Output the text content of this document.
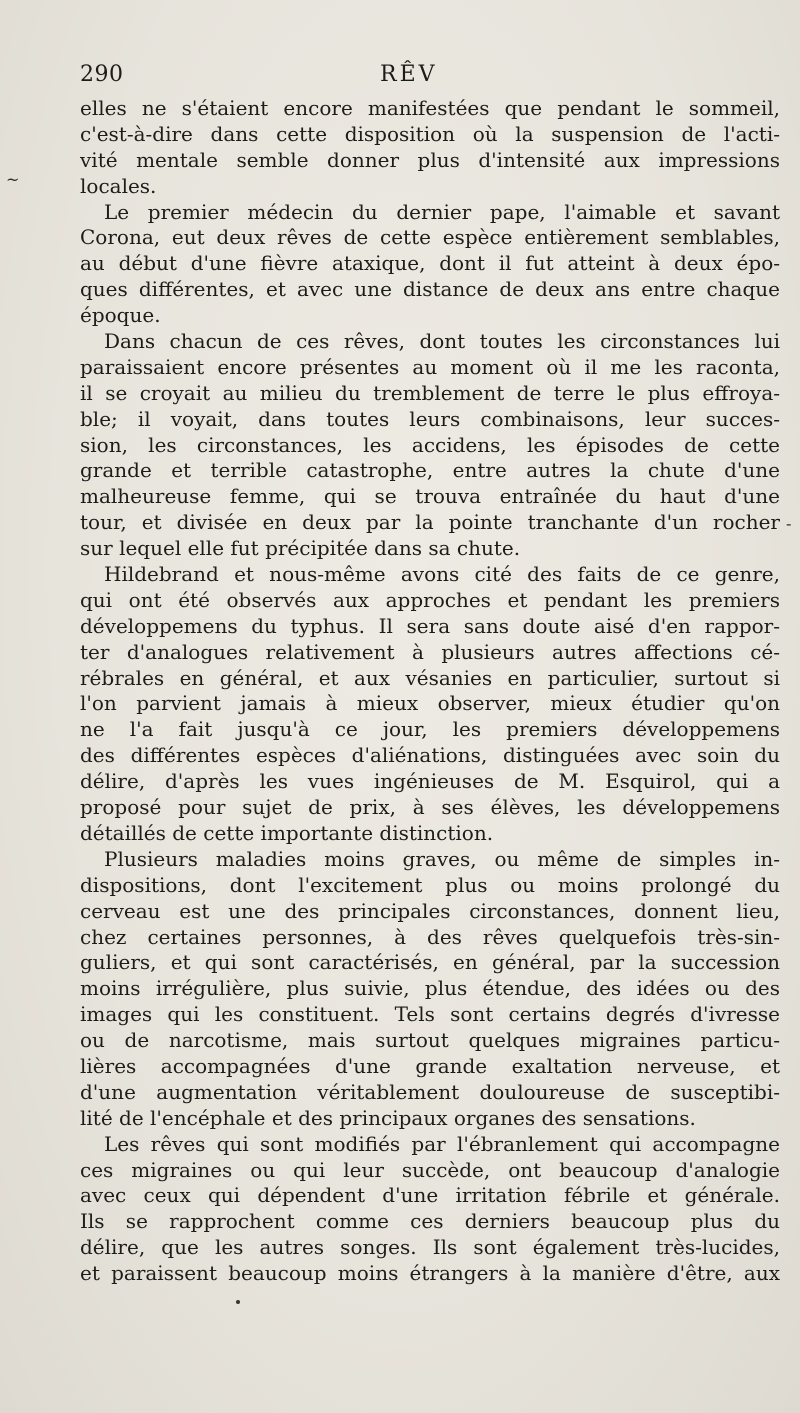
290	RÊV
~
-
elles ne s'étaient encore manifestées que pendant le sommeil,
c'est-à-dire dans cette disposition où la suspension de l'acti-
vité mentale semble donner plus d'intensité aux impressions
locales.
Le premier médecin du dernier pape, l'aimable et savant
Corona, eut deux rêves de cette espèce entièrement semblables,
au début d'une fièvre ataxique, dont il fut atteint à deux épo-
ques différentes, et avec une distance de deux ans entre chaque
époque.
Dans chacun de ces rêves, dont toutes les circonstances lui
paraissaient encore présentes au moment où il me les raconta,
il se croyait au milieu du tremblement de terre le plus effroya-
ble; il voyait, dans toutes leurs combinaisons, leur succes-
sion, les circonstances, les accidens, les épisodes de cette
grande et terrible catastrophe, entre autres la chute d'une
malheureuse femme, qui se trouva entraînée du haut d'une
tour, et divisée en deux par la pointe tranchante d'un rocher
sur lequel elle fut précipitée dans sa chute.
Hildebrand et nous-même avons cité des faits de ce genre,
qui ont été observés aux approches et pendant les premiers
développemens du typhus. Il sera sans doute aisé d'en rappor-
ter d'analogues relativement à plusieurs autres affections cé-
rébrales en général, et aux vésanies en particulier, surtout si
l'on parvient jamais à mieux observer, mieux étudier qu'on
ne l'a fait jusqu'à ce jour, les premiers développemens
des différentes espèces d'aliénations, distinguées avec soin du
délire, d'après les vues ingénieuses de M. Esquirol, qui a
proposé pour sujet de prix, à ses élèves, les développemens
détaillés de cette importante distinction.
Plusieurs maladies moins graves, ou même de simples in-
dispositions, dont l'excitement plus ou moins prolongé du
cerveau est une des principales circonstances, donnent lieu,
chez certaines personnes, à des rêves quelquefois très-sin-
guliers, et qui sont caractérisés, en général, par la succession
moins irrégulière, plus suivie, plus étendue, des idées ou des
images qui les constituent. Tels sont certains degrés d'ivresse
ou de narcotisme, mais surtout quelques migraines particu-
lières accompagnées d'une grande exaltation nerveuse, et
d'une augmentation véritablement douloureuse de susceptibi-
lité de l'encéphale et des principaux organes des sensations.
Les rêves qui sont modifiés par l'ébranlement qui accompagne
ces migraines ou qui leur succède, ont beaucoup d'analogie
avec ceux qui dépendent d'une irritation fébrile et générale.
Ils se rapprochent comme ces derniers beaucoup plus du
délire, que les autres songes. Ils sont également très-lucides,
et paraissent beaucoup moins étrangers à la manière d'être, aux
